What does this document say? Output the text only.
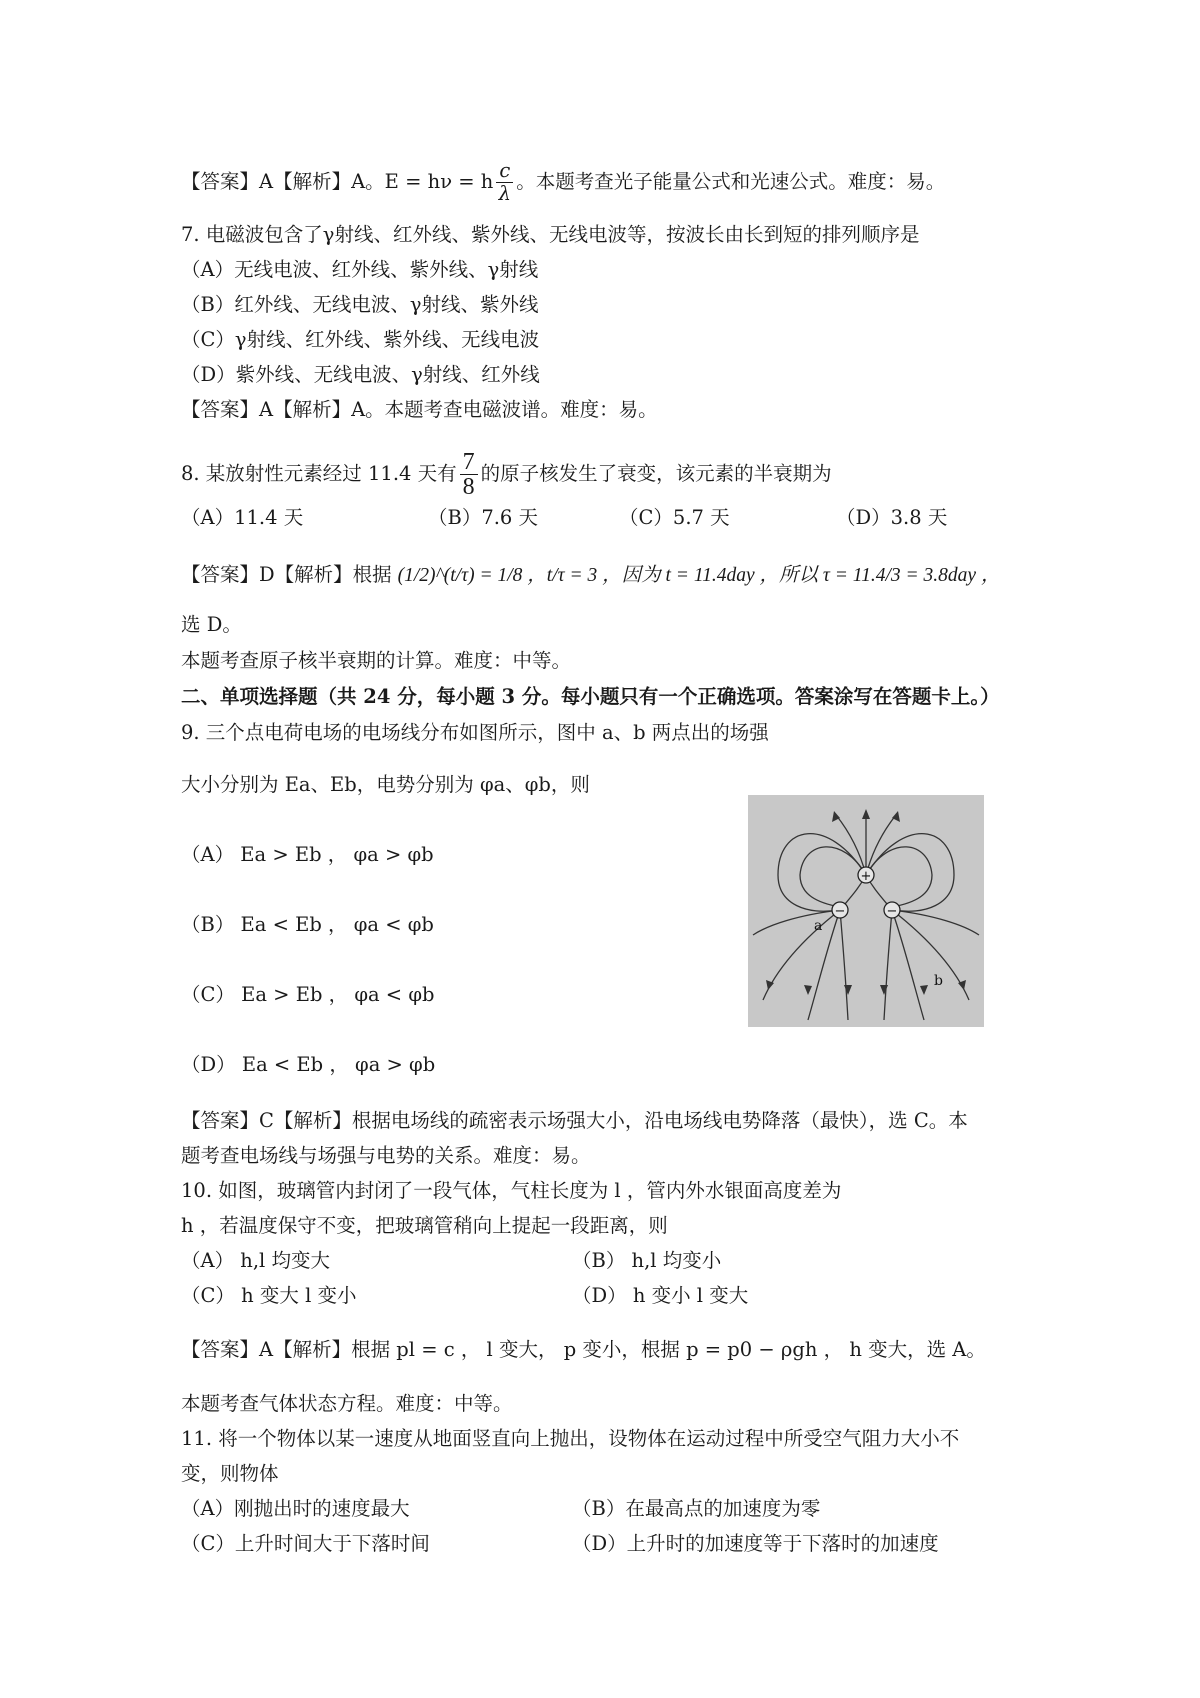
【答案】A【解析】A。E = hν = h $\frac{c}{\lambda}$ 。本题考查光子能量公式和光速公式。难度：易。
7. 电磁波包含了γ射线、红外线、紫外线、无线电波等，按波长由长到短的排列顺序是
（A）无线电波、红外线、紫外线、γ射线
（B）红外线、无线电波、γ射线、紫外线
（C）γ射线、红外线、紫外线、无线电波
（D）紫外线、无线电波、γ射线、红外线
【答案】A【解析】A。本题考查电磁波谱。难度：易。
8. 某放射性元素经过 11.4 天有 $\frac{7}{8}$ 的原子核发生了衰变，该元素的半衰期为
（A）11.4 天	（B）7.6 天	（C）5.7 天	（D）3.8 天
【答案】D【解析】根据 (1/2)^(t/τ) = 1/8 ，t/τ = 3 ，因为 t = 11.4day ，所以 τ = 11.4/3 = 3.8day ，
选 D。
本题考查原子核半衰期的计算。难度：中等。
二、单项选择题（共 24 分，每小题 3 分。每小题只有一个正确选项。答案涂写在答题卡上。）
9. 三个点电荷电场的电场线分布如图所示，图中 a、b 两点出的场强
大小分别为 Ea、Eb，电势分别为 φa、φb，则
（A） Ea > Eb ， φa > φb
（B） Ea < Eb ， φa < φb
（C） Ea > Eb ， φa < φb
（D） Ea < Eb ， φa > φb
+
−	−
a
b
【答案】C【解析】根据电场线的疏密表示场强大小，沿电场线电势降落（最快），选 C。本
题考查电场线与场强与电势的关系。难度：易。
10. 如图，玻璃管内封闭了一段气体，气柱长度为 l ，管内外水银面高度差为
h ，若温度保守不变，把玻璃管稍向上提起一段距离，则
（A） h,l 均变大	（B） h,l 均变小
（C） h 变大 l 变小	（D） h 变小 l 变大
【答案】A【解析】根据 pl = c ， l 变大， p 变小，根据 p = p0 − ρgh ， h 变大，选 A。
本题考查气体状态方程。难度：中等。
11. 将一个物体以某一速度从地面竖直向上抛出，设物体在运动过程中所受空气阻力大小不
变，则物体
（A）刚抛出时的速度最大	（B）在最高点的加速度为零
（C）上升时间大于下落时间	（D）上升时的加速度等于下落时的加速度
